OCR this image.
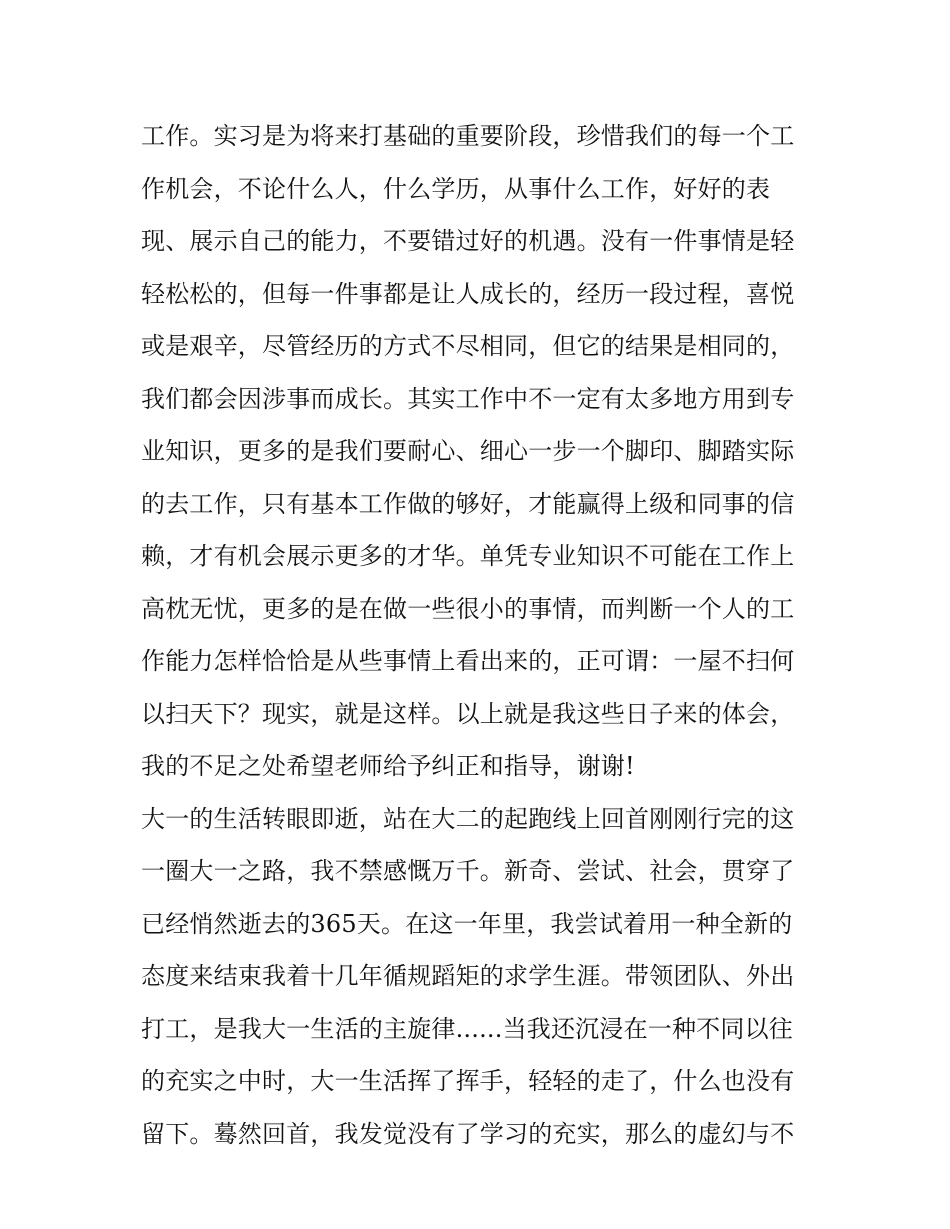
工作。实习是为将来打基础的重要阶段，珍惜我们的每一个工
作机会，不论什么人，什么学历，从事什么工作，好好的表
现、展示自己的能力，不要错过好的机遇。没有一件事情是轻
轻松松的，但每一件事都是让人成长的，经历一段过程，喜悦
或是艰辛，尽管经历的方式不尽相同，但它的结果是相同的，
我们都会因涉事而成长。其实工作中不一定有太多地方用到专
业知识，更多的是我们要耐心、细心一步一个脚印、脚踏实际
的去工作，只有基本工作做的够好，才能赢得上级和同事的信
赖，才有机会展示更多的才华。单凭专业知识不可能在工作上
高枕无忧，更多的是在做一些很小的事情，而判断一个人的工
作能力怎样恰恰是从些事情上看出来的，正可谓：一屋不扫何
以扫天下？现实，就是这样。以上就是我这些日子来的体会，
我的不足之处希望老师给予纠正和指导，谢谢!
大一的生活转眼即逝，站在大二的起跑线上回首刚刚行完的这
一圈大一之路，我不禁感慨万千。新奇、尝试、社会，贯穿了
已经悄然逝去的365天。在这一年里，我尝试着用一种全新的
态度来结束我着十几年循规蹈矩的求学生涯。带领团队、外出
打工，是我大一生活的主旋律......当我还沉浸在一种不同以往
的充实之中时，大一生活挥了挥手，轻轻的走了，什么也没有
留下。蓦然回首，我发觉没有了学习的充实，那么的虚幻与不
